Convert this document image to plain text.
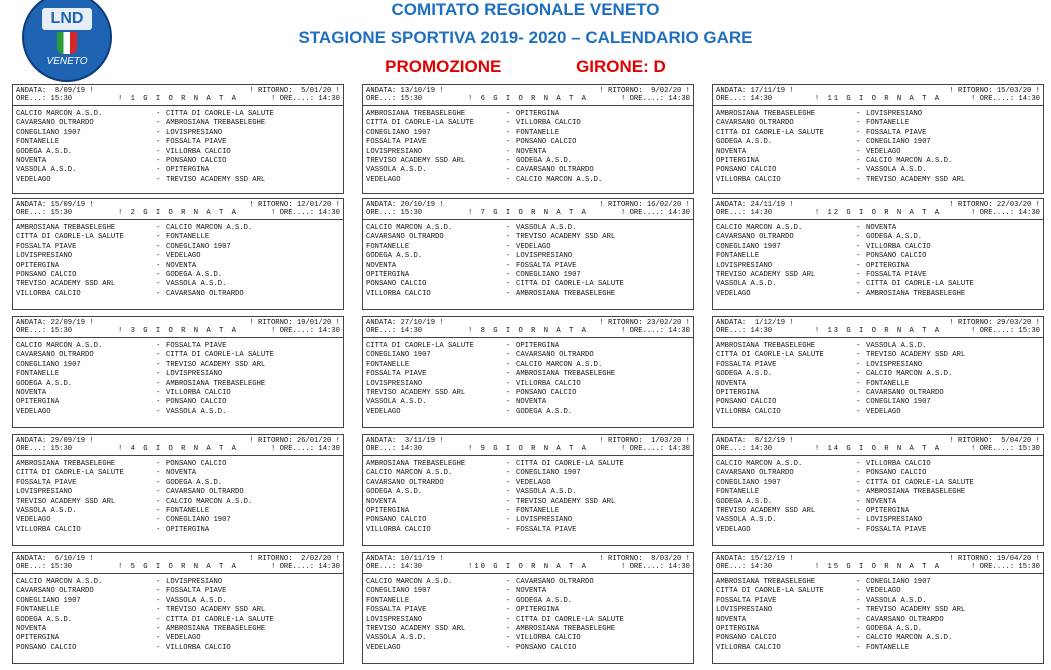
LND
VENETO
COMITATO REGIONALE VENETO
STAGIONE SPORTIVA 2019- 2020 – CALENDARIO GARE
PROMOZIONE	GIRONE: D
ANDATA:  8/09/19 !	! RITORNO:  5/01/20 !
ORE...: 15:30	! 1 G I O R N A T A	! ORE....: 14:30
CALCIO MARCON A.S.D.	- CITTA DI CAORLE-LA SALUTE
CAVARSANO OLTRARDO	- AMBROSIANA TREBASELEGHE
CONEGLIANO 1907	- LOVISPRESIANO
FONTANELLE	- FOSSALTA PIAVE
GODEGA A.S.D.	- VILLORBA CALCIO
NOVENTA	- PONSANO CALCIO
VASSOLA A.S.D.	- OPITERGINA
VEDELAGO	- TREVISO ACADEMY SSD ARL
ANDATA: 15/09/19 !	! RITORNO: 12/01/20 !
ORE...: 15:30	! 2 G I O R N A T A	! ORE....: 14:30
AMBROSIANA TREBASELEGHE	- CALCIO MARCON A.S.D.
CITTA DI CAORLE-LA SALUTE	- FONTANELLE
FOSSALTA PIAVE	- CONEGLIANO 1907
LOVISPRESIANO	- VEDELAGO
OPITERGINA	- NOVENTA
PONSANO CALCIO	- GODEGA A.S.D.
TREVISO ACADEMY SSD ARL	- VASSOLA A.S.D.
VILLORBA CALCIO	- CAVARSANO OLTRARDO
ANDATA: 22/09/19 !	! RITORNO: 19/01/20 !
ORE...: 15:30	! 3 G I O R N A T A	! ORE....: 14:30
CALCIO MARCON A.S.D.	- FOSSALTA PIAVE
CAVARSANO OLTRARDO	- CITTA DI CAORLE-LA SALUTE
CONEGLIANO 1907	- TREVISO ACADEMY SSD ARL
FONTANELLE	- LOVISPRESIANO
GODEGA A.S.D.	- AMBROSIANA TREBASELEGHE
NOVENTA	- VILLORBA CALCIO
OPITERGINA	- PONSANO CALCIO
VEDELAGO	- VASSOLA A.S.D.
ANDATA: 29/09/19 !	! RITORNO: 26/01/20 !
ORE...: 15:30	! 4 G I O R N A T A	! ORE....: 14:30
AMBROSIANA TREBASELEGHE	- PONSANO CALCIO
CITTA DI CAORLE-LA SALUTE	- NOVENTA
FOSSALTA PIAVE	- GODEGA A.S.D.
LOVISPRESIANO	- CAVARSANO OLTRARDO
TREVISO ACADEMY SSD ARL	- CALCIO MARCON A.S.D.
VASSOLA A.S.D.	- FONTANELLE
VEDELAGO	- CONEGLIANO 1907
VILLORBA CALCIO	- OPITERGINA
ANDATA:  6/10/19 !	! RITORNO:  2/02/20 !
ORE...: 15:30	! 5 G I O R N A T A	! ORE....: 14:30
CALCIO MARCON A.S.D.	- LOVISPRESIANO
CAVARSANO OLTRARDO	- FOSSALTA PIAVE
CONEGLIANO 1907	- VASSOLA A.S.D.
FONTANELLE	- TREVISO ACADEMY SSD ARL
GODEGA A.S.D.	- CITTA DI CAORLE-LA SALUTE
NOVENTA	- AMBROSIANA TREBASELEGHE
OPITERGINA	- VEDELAGO
PONSANO CALCIO	- VILLORBA CALCIO
ANDATA: 13/10/19 !	! RITORNO:  9/02/20 !
ORE...: 15:30	! 6 G I O R N A T A	! ORE....: 14:30
AMBROSIANA TREBASELEGHE	- OPITERGINA
CITTA DI CAORLE-LA SALUTE	- VILLORBA CALCIO
CONEGLIANO 1907	- FONTANELLE
FOSSALTA PIAVE	- PONSANO CALCIO
LOVISPRESIANO	- NOVENTA
TREVISO ACADEMY SSD ARL	- GODEGA A.S.D.
VASSOLA A.S.D.	- CAVARSANO OLTRARDO
VEDELAGO	- CALCIO MARCON A.S.D.
ANDATA: 20/10/19 !	! RITORNO: 16/02/20 !
ORE...: 15:30	! 7 G I O R N A T A	! ORE....: 14:30
CALCIO MARCON A.S.D.	- VASSOLA A.S.D.
CAVARSANO OLTRARDO	- TREVISO ACADEMY SSD ARL
FONTANELLE	- VEDELAGO
GODEGA A.S.D.	- LOVISPRESIANO
NOVENTA	- FOSSALTA PIAVE
OPITERGINA	- CONEGLIANO 1907
PONSANO CALCIO	- CITTA DI CAORLE-LA SALUTE
VILLORBA CALCIO	- AMBROSIANA TREBASELEGHE
ANDATA: 27/10/19 !	! RITORNO: 23/02/20 !
ORE...: 14:30	! 8 G I O R N A T A	! ORE....: 14:30
CITTA DI CAORLE-LA SALUTE	- OPITERGINA
CONEGLIANO 1907	- CAVARSANO OLTRARDO
FONTANELLE	- CALCIO MARCON A.S.D.
FOSSALTA PIAVE	- AMBROSIANA TREBASELEGHE
LOVISPRESIANO	- VILLORBA CALCIO
TREVISO ACADEMY SSD ARL	- PONSANO CALCIO
VASSOLA A.S.D.	- NOVENTA
VEDELAGO	- GODEGA A.S.D.
ANDATA:  3/11/19 !	! RITORNO:  1/03/20 !
ORE...: 14:30	! 9 G I O R N A T A	! ORE....: 14:30
AMBROSIANA TREBASELEGHE	- CITTA DI CAORLE-LA SALUTE
CALCIO MARCON A.S.D.	- CONEGLIANO 1907
CAVARSANO OLTRARDO	- VEDELAGO
GODEGA A.S.D.	- VASSOLA A.S.D.
NOVENTA	- TREVISO ACADEMY SSD ARL
OPITERGINA	- FONTANELLE
PONSANO CALCIO	- LOVISPRESIANO
VILLORBA CALCIO	- FOSSALTA PIAVE
ANDATA: 10/11/19 !	! RITORNO:  8/03/20 !
ORE...: 14:30	!10 G I O R N A T A	! ORE....: 14:30
CALCIO MARCON A.S.D.	- CAVARSANO OLTRARDO
CONEGLIANO 1907	- NOVENTA
FONTANELLE	- GODEGA A.S.D.
FOSSALTA PIAVE	- OPITERGINA
LOVISPRESIANO	- CITTA DI CAORLE-LA SALUTE
TREVISO ACADEMY SSD ARL	- AMBROSIANA TREBASELEGHE
VASSOLA A.S.D.	- VILLORBA CALCIO
VEDELAGO	- PONSANO CALCIO
ANDATA: 17/11/19 !	! RITORNO: 15/03/20 !
ORE...: 14:30	! 11 G I O R N A T A	! ORE....: 14:30
AMBROSIANA TREBASELEGHE	- LOVISPRESIANO
CAVARSANO OLTRARDO	- FONTANELLE
CITTA DI CAORLE-LA SALUTE	- FOSSALTA PIAVE
GODEGA A.S.D.	- CONEGLIANO 1907
NOVENTA	- VEDELAGO
OPITERGINA	- CALCIO MARCON A.S.D.
PONSANO CALCIO	- VASSOLA A.S.D.
VILLORBA CALCIO	- TREVISO ACADEMY SSD ARL
ANDATA: 24/11/19 !	! RITORNO: 22/03/20 !
ORE...: 14:30	! 12 G I O R N A T A	! ORE....: 14:30
CALCIO MARCON A.S.D.	- NOVENTA
CAVARSANO OLTRARDO	- GODEGA A.S.D.
CONEGLIANO 1907	- VILLORBA CALCIO
FONTANELLE	- PONSANO CALCIO
LOVISPRESIANO	- OPITERGINA
TREVISO ACADEMY SSD ARL	- FOSSALTA PIAVE
VASSOLA A.S.D.	- CITTA DI CAORLE-LA SALUTE
VEDELAGO	- AMBROSIANA TREBASELEGHE
ANDATA:  1/12/19 !	! RITORNO: 29/03/20 !
ORE...: 14:30	! 13 G I O R N A T A	! ORE....: 15:30
AMBROSIANA TREBASELEGHE	- VASSOLA A.S.D.
CITTA DI CAORLE-LA SALUTE	- TREVISO ACADEMY SSD ARL
FOSSALTA PIAVE	- LOVISPRESIANO
GODEGA A.S.D.	- CALCIO MARCON A.S.D.
NOVENTA	- FONTANELLE
OPITERGINA	- CAVARSANO OLTRARDO
PONSANO CALCIO	- CONEGLIANO 1907
VILLORBA CALCIO	- VEDELAGO
ANDATA:  8/12/19 !	! RITORNO:  5/04/20 !
ORE...: 14:30	! 14 G I O R N A T A	! ORE....: 15:30
CALCIO MARCON A.S.D.	- VILLORBA CALCIO
CAVARSANO OLTRARDO	- PONSANO CALCIO
CONEGLIANO 1907	- CITTA DI CAORLE-LA SALUTE
FONTANELLE	- AMBROSIANA TREBASELEGHE
GODEGA A.S.D.	- NOVENTA
TREVISO ACADEMY SSD ARL	- OPITERGINA
VASSOLA A.S.D.	- LOVISPRESIANO
VEDELAGO	- FOSSALTA PIAVE
ANDATA: 15/12/19 !	! RITORNO: 19/04/20 !
ORE...: 14:30	! 15 G I O R N A T A	! ORE....: 15:30
AMBROSIANA TREBASELEGHE	- CONEGLIANO 1907
CITTA DI CAORLE-LA SALUTE	- VEDELAGO
FOSSALTA PIAVE	- VASSOLA A.S.D.
LOVISPRESIANO	- TREVISO ACADEMY SSD ARL
NOVENTA	- CAVARSANO OLTRARDO
OPITERGINA	- GODEGA A.S.D.
PONSANO CALCIO	- CALCIO MARCON A.S.D.
VILLORBA CALCIO	- FONTANELLE
